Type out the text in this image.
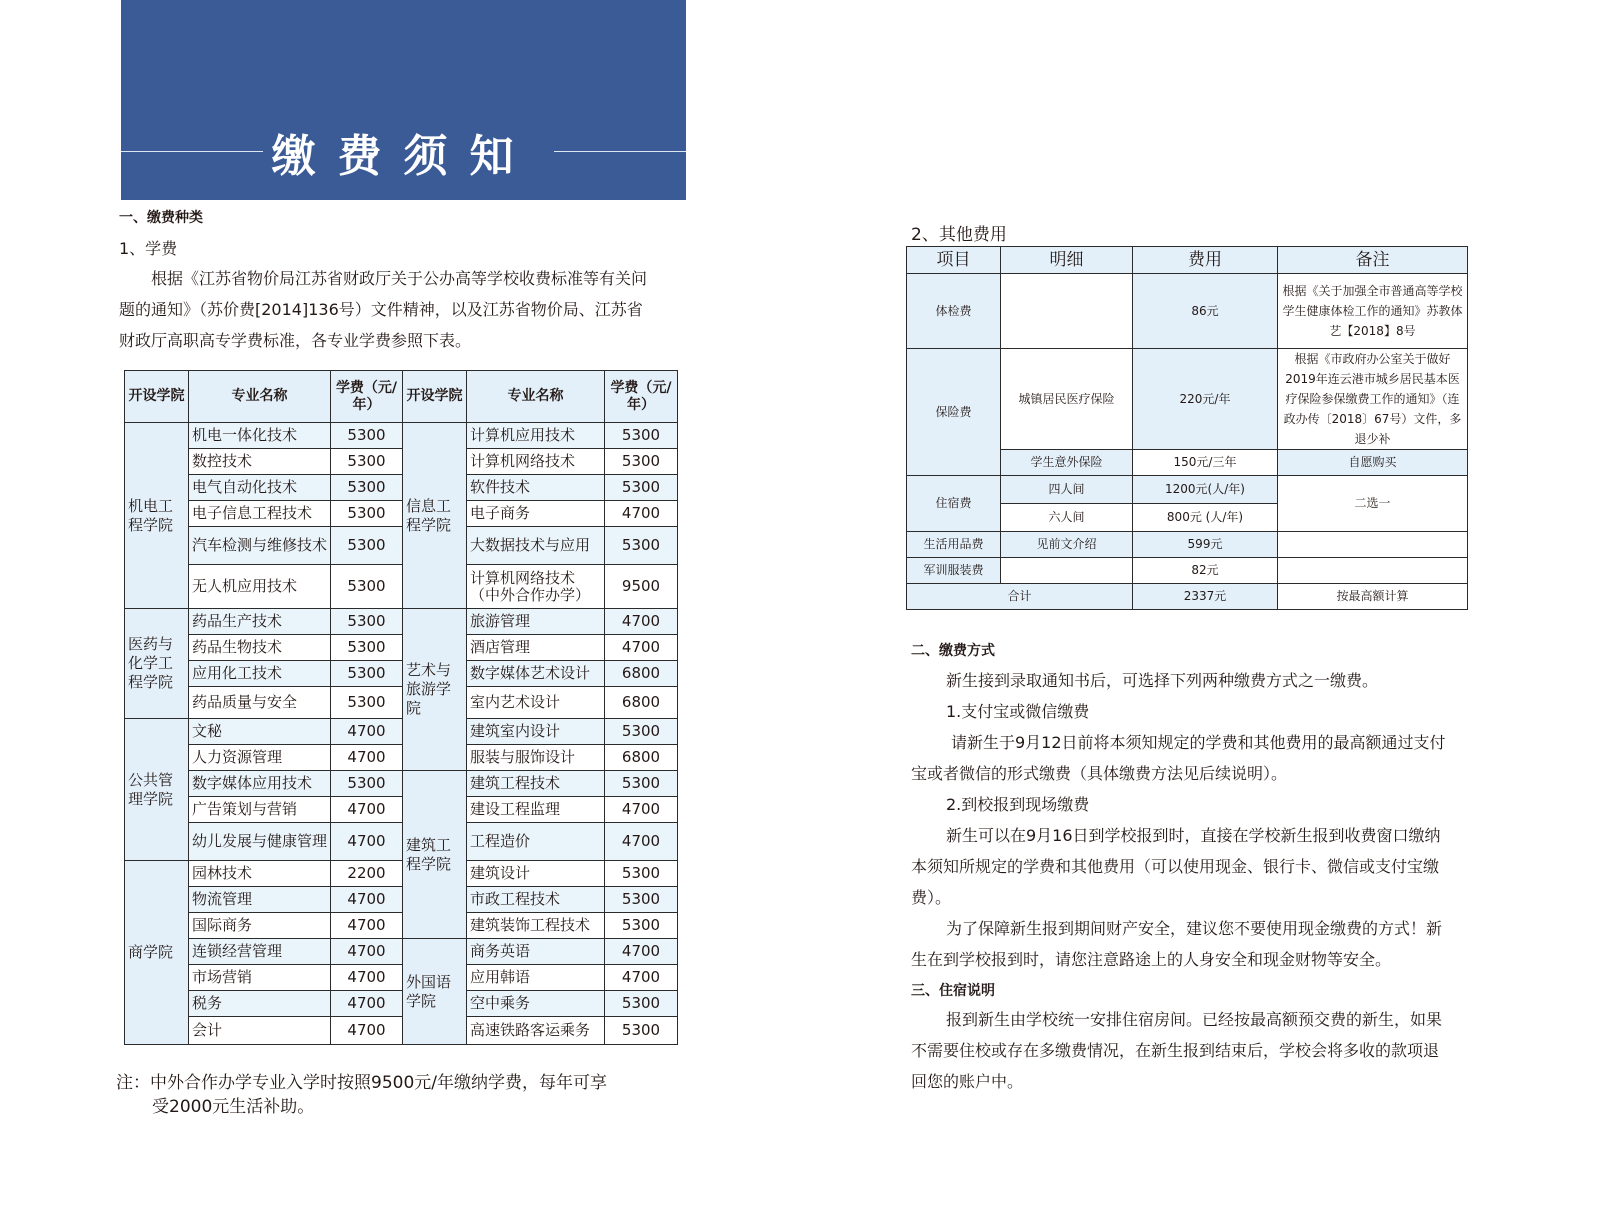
缴费须知
一、缴费种类
1、学费
根据《江苏省物价局江苏省财政厅关于公办高等学校收费标准等有关问
题的通知》（苏价费[2014]136号）文件精神，以及江苏省物价局、江苏省
财政厅高职高专学费标准，各专业学费参照下表。
开设学院	专业名称	学费（元/年）	开设学院	专业名称	学费（元/年）
机电工程学院	机电一体化技术	5300	信息工程学院	计算机应用技术	5300
	数控技术	5300		计算机网络技术	5300
	电气自动化技术	5300		软件技术	5300
	电子信息工程技术	5300		电子商务	4700
	汽车检测与维修技术	5300		大数据技术与应用	5300
	无人机应用技术	5300		计算机网络技术（中外合作办学）	9500
医药与化学工程学院	药品生产技术	5300	艺术与旅游学院	旅游管理	4700
	药品生物技术	5300		酒店管理	4700
	应用化工技术	5300		数字媒体艺术设计	6800
	药品质量与安全	5300		室内艺术设计	6800
公共管理学院	文秘	4700		建筑室内设计	5300
	人力资源管理	4700		服装与服饰设计	6800
	数字媒体应用技术	5300	建筑工程学院	建筑工程技术	5300
	广告策划与营销	4700		建设工程监理	4700
	幼儿发展与健康管理	4700		工程造价	4700
商学院	园林技术	2200		建筑设计	5300
	物流管理	4700		市政工程技术	5300
	国际商务	4700		建筑装饰工程技术	5300
	连锁经营管理	4700	外国语学院	商务英语	4700
	市场营销	4700		应用韩语	4700
	税务	4700		空中乘务	5300
	会计	4700		高速铁路客运乘务	5300
注：中外合作办学专业入学时按照9500元/年缴纳学费，每年可享
受2000元生活补助。
2、其他费用
项目	明细	费用	备注
体检费		86元	根据《关于加强全市普通高等学校学生健康体检工作的通知》苏教体艺【2018】8号
保险费	城镇居民医疗保险	220元/年	根据《市政府办公室关于做好2019年连云港市城乡居民基本医疗保险参保缴费工作的通知》（连政办传〔2018〕67号）文件，多退少补
	学生意外保险	150元/三年	自愿购买
住宿费	四人间	1200元(人/年)	二选一
	六人间	800元 (人/年)	
生活用品费	见前文介绍	599元	
军训服装费		82元	
合计		2337元	按最高额计算
二、缴费方式
新生接到录取通知书后，可选择下列两种缴费方式之一缴费。
1.支付宝或微信缴费
请新生于9月12日前将本须知规定的学费和其他费用的最高额通过支付
宝或者微信的形式缴费（具体缴费方法见后续说明）。
2.到校报到现场缴费
新生可以在9月16日到学校报到时，直接在学校新生报到收费窗口缴纳
本须知所规定的学费和其他费用（可以使用现金、银行卡、微信或支付宝缴
费）。
为了保障新生报到期间财产安全，建议您不要使用现金缴费的方式！新
生在到学校报到时，请您注意路途上的人身安全和现金财物等安全。
三、住宿说明
报到新生由学校统一安排住宿房间。已经按最高额预交费的新生，如果
不需要住校或存在多缴费情况，在新生报到结束后，学校会将多收的款项退
回您的账户中。
